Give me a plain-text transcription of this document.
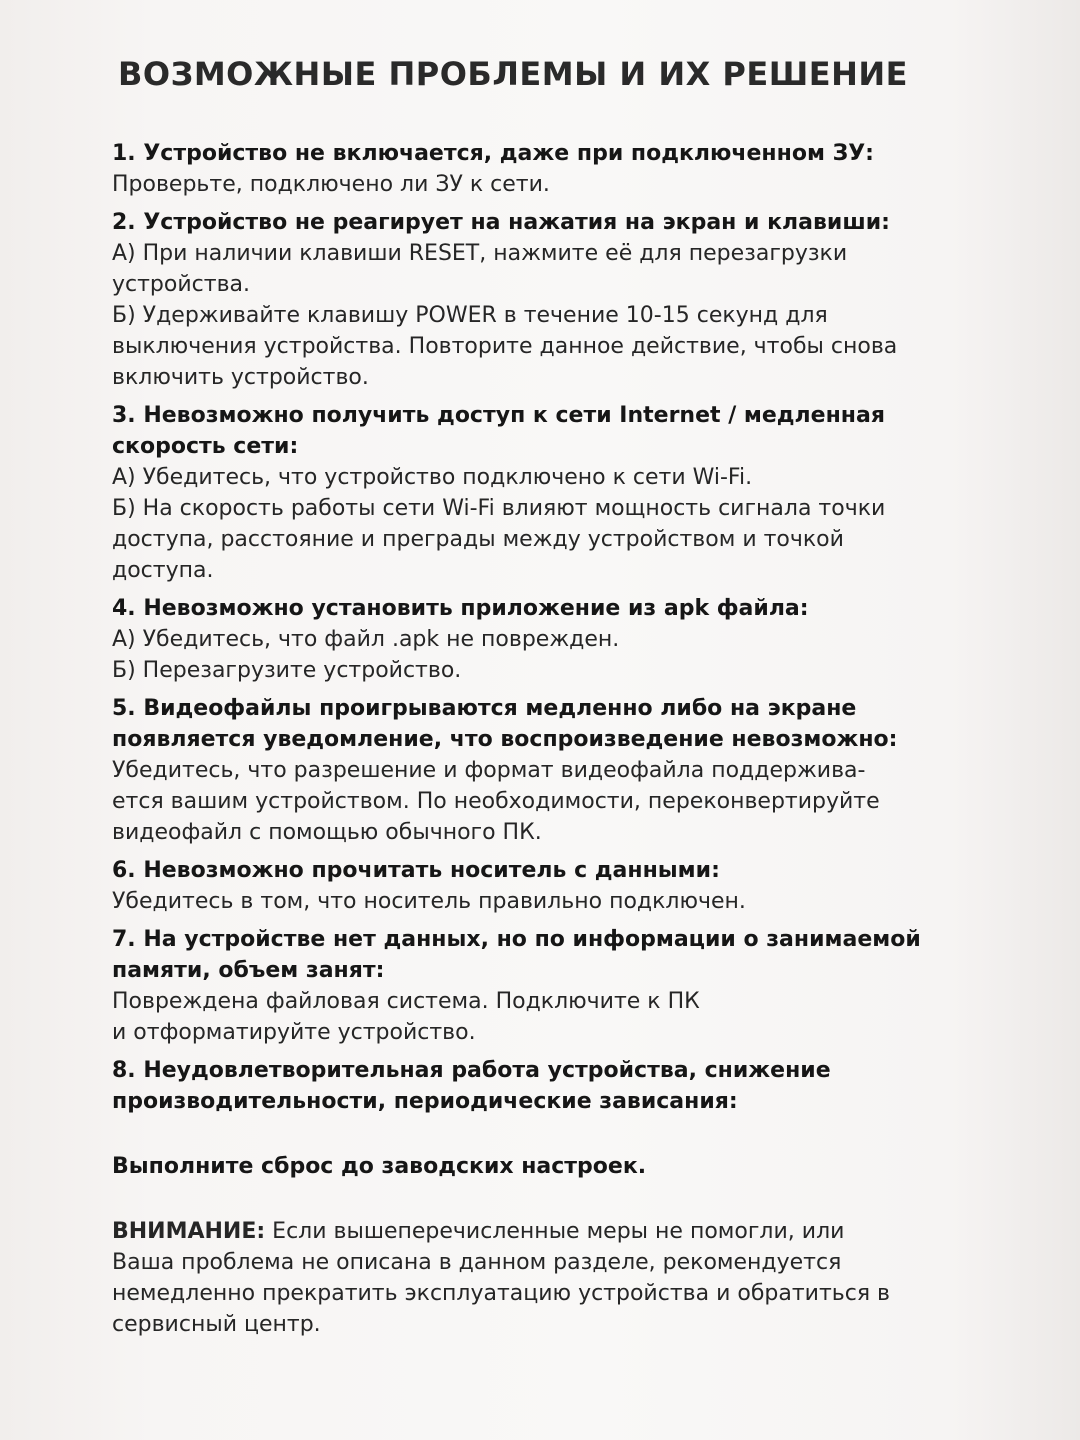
ВОЗМОЖНЫЕ ПРОБЛЕМЫ И ИХ РЕШЕНИЕ

1. Устройство не включается, даже при подключенном ЗУ:

Проверьте, подключено ли ЗУ к сети.

2. Устройство не реагирует на нажатия на экран и клавиши:

А) При наличии клавиши RESET, нажмите её для перезагрузки

устройства.

Б) Удерживайте клавишу POWER в течение 10-15 секунд для

выключения устройства. Повторите данное действие, чтобы снова

включить устройство.

3. Невозможно получить доступ к сети Internet / медленная

скорость сети:

А) Убедитесь, что устройство подключено к сети Wi-Fi.

Б) На скорость работы сети Wi-Fi влияют мощность сигнала точки

доступа, расстояние и преграды между устройством и точкой

доступа.

4. Невозможно установить приложение из apk файла:

А) Убедитесь, что файл .apk не поврежден.

Б) Перезагрузите устройство.

5. Видеофайлы проигрываются медленно либо на экране

появляется уведомление, что воспроизведение невозможно:

Убедитесь, что разрешение и формат видеофайла поддержива-

ется вашим устройством. По необходимости, переконвертируйте

видеофайл с помощью обычного ПК.

6. Невозможно прочитать носитель с данными:

Убедитесь в том, что носитель правильно подключен.

7. На устройстве нет данных, но по информации о занимаемой

памяти, объем занят:

Повреждена файловая система. Подключите к ПК

и отформатируйте устройство.

8. Неудовлетворительная работа устройства, снижение

производительности, периодические зависания:

Выполните сброс до заводских настроек.

ВНИМАНИЕ: Если вышеперечисленные меры не помогли, или

Ваша проблема не описана в данном разделе, рекомендуется

немедленно прекратить эксплуатацию устройства и обратиться в

сервисный центр.
